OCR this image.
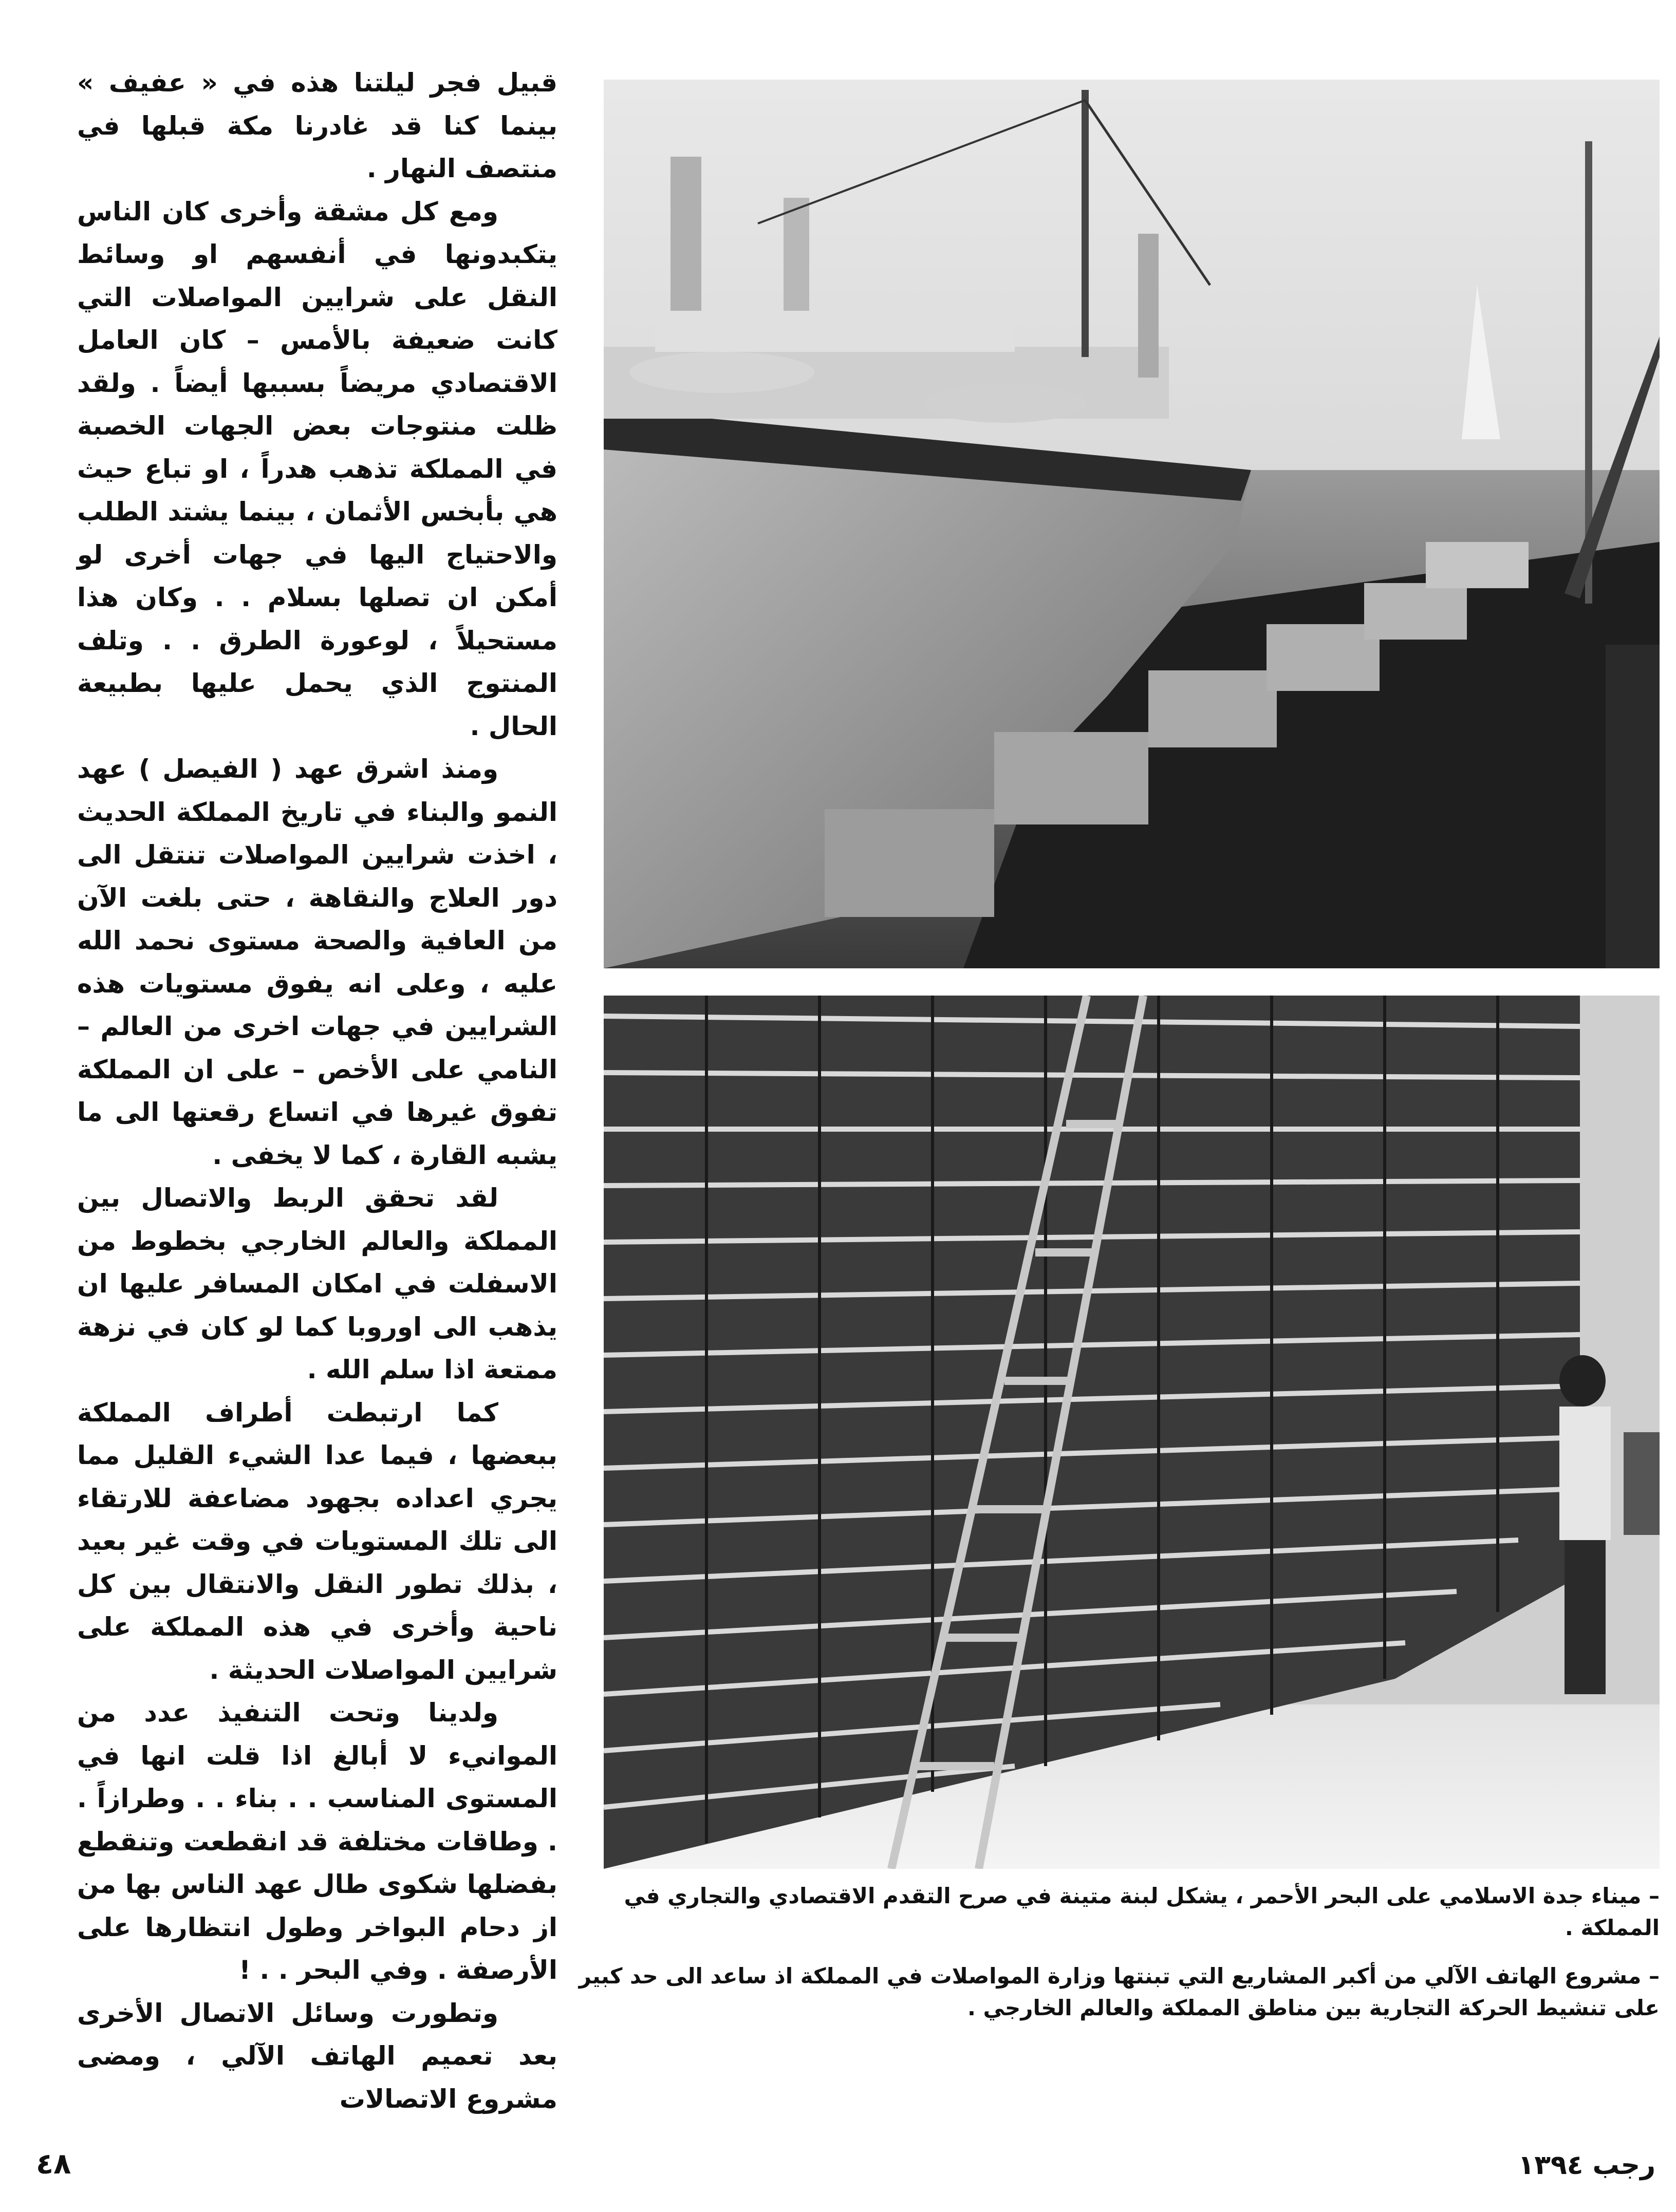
قبيل فجر ليلتنا هذه في « عفيف » بينما كنا قد غادرنا مكة قبلها في منتصف النهار .

ومع كل مشقة وأخرى كان الناس يتكبدونها في أنفسهم او وسائط النقل على شرايين المواصلات التي كانت ضعيفة بالأمس – كان العامل الاقتصادي مريضاً بسببها أيضاً . ولقد ظلت منتوجات بعض الجهات الخصبة في المملكة تذهب هدراً ، او تباع حيث هي بأبخس الأثمان ، بينما يشتد الطلب والاحتياج اليها في جهات أخرى لو أمكن ان تصلها بسلام . . وكان هذا مستحيلاً ، لوعورة الطرق . . وتلف المنتوج الذي يحمل عليها بطبيعة الحال .

ومنذ اشرق عهد ( الفيصل ) عهد النمو والبناء في تاريخ المملكة الحديث ، اخذت شرايين المواصلات تنتقل الى دور العلاج والنقاهة ، حتى بلغت الآن من العافية والصحة مستوى نحمد الله عليه ، وعلى انه يفوق مستويات هذه الشرايين في جهات اخرى من العالم – النامي على الأخص – على ان المملكة تفوق غيرها في اتساع رقعتها الى ما يشبه القارة ، كما لا يخفى .

لقد تحقق الربط والاتصال بين المملكة والعالم الخارجي بخطوط من الاسفلت في امكان المسافر عليها ان يذهب الى اوروبا كما لو كان في نزهة ممتعة اذا سلم الله .

كما ارتبطت أطراف المملكة ببعضها ، فيما عدا الشيء القليل مما يجري اعداده بجهود مضاعفة للارتقاء الى تلك المستويات في وقت غير بعيد ، بذلك تطور النقل والانتقال بين كل ناحية وأخرى في هذه المملكة على شرايين المواصلات الحديثة .

ولدينا وتحت التنفيذ عدد من الموانيء لا أبالغ اذا قلت انها في المستوى المناسب . . بناء . . وطرازاً . . وطاقات مختلفة قد انقطعت وتنقطع بفضلها شكوى طال عهد الناس بها من از دحام البواخر وطول انتظارها على الأرصفة . وفي البحر . . !

وتطورت وسائل الاتصال الأخرى بعد تعميم الهاتف الآلي ، ومضى مشروع الاتصالات

– ميناء جدة الاسلامي على البحر الأحمر ، يشكل لبنة متينة في صرح التقدم الاقتصادي والتجاري في المملكة .

– مشروع الهاتف الآلي من أكبر المشاريع التي تبنتها وزارة المواصلات في المملكة اذ ساعد الى حد كبير على تنشيط الحركة التجارية بين مناطق المملكة والعالم الخارجي .

٤٨	رجب ١٣٩٤
